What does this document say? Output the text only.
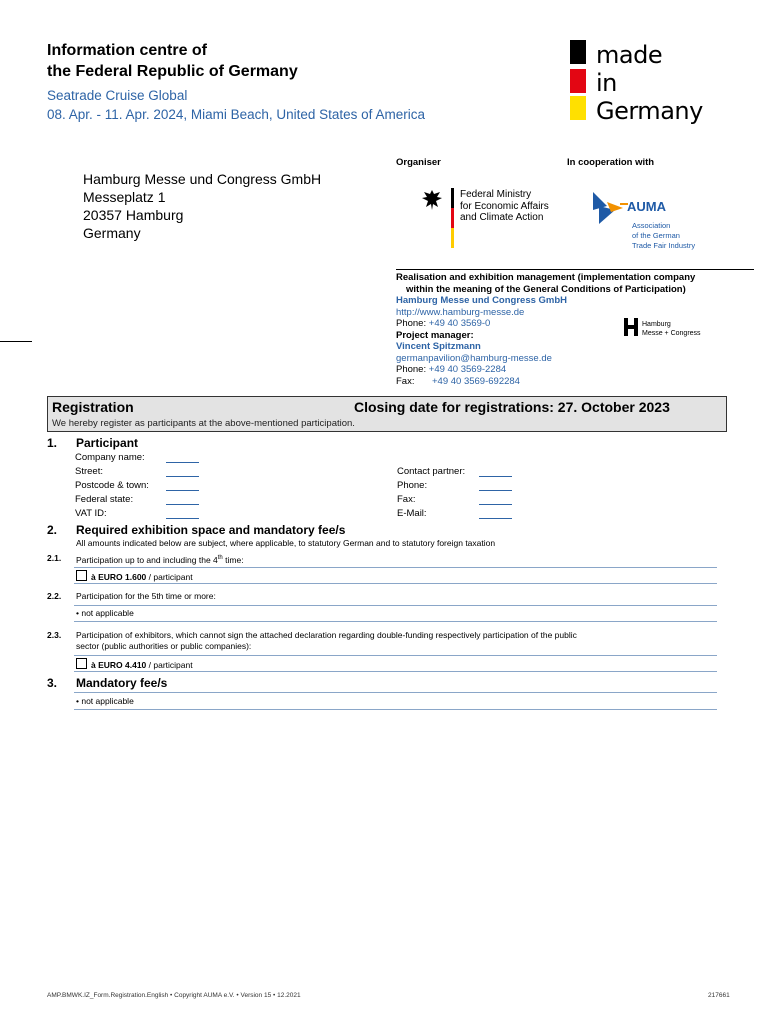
Information centre of
the Federal Republic of Germany
Seatrade Cruise Global
08. Apr. - 11. Apr. 2024, Miami Beach, United States of America
made
in
Germany
Hamburg Messe und Congress GmbH
Messeplatz 1
20357 Hamburg
Germany
Organiser	In cooperation with
Federal Ministry
for Economic Affairs
and Climate Action
AUMA
Association
of the German
Trade Fair Industry
Realisation and exhibition management (implementation company
within the meaning of the General Conditions of Participation)
Hamburg Messe und Congress GmbH
http://www.hamburg-messe.de
Phone: +49 40 3569-0
Project manager:
Vincent Spitzmann
germanpavilion@hamburg-messe.de
Phone: +49 40 3569-2284
Fax: +49 40 3569-692284
Hamburg
Messe + Congress
Registration	Closing date for registrations: 27. October 2023
We hereby register as participants at the above-mentioned participation.
1. Participant
Company name:
Street:
Postcode & town:
Federal state:
VAT ID:
Contact partner:
Phone:
Fax:
E-Mail:
2. Required exhibition space and mandatory fee/s
All amounts indicated below are subject, where applicable, to statutory German and to statutory foreign taxation
2.1. Participation up to and including the 4th time:
à EURO 1.600 / participant
2.2. Participation for the 5th time or more:
• not applicable
2.3. Participation of exhibitors, which cannot sign the attached declaration regarding double-funding respectively participation of the public
sector (public authorities or public companies):
à EURO 4.410 / participant
3. Mandatory fee/s
• not applicable
AMP.BMWK.IZ_Form.Registration.English • Copyright AUMA e.V. • Version 15 • 12.2021	217661
